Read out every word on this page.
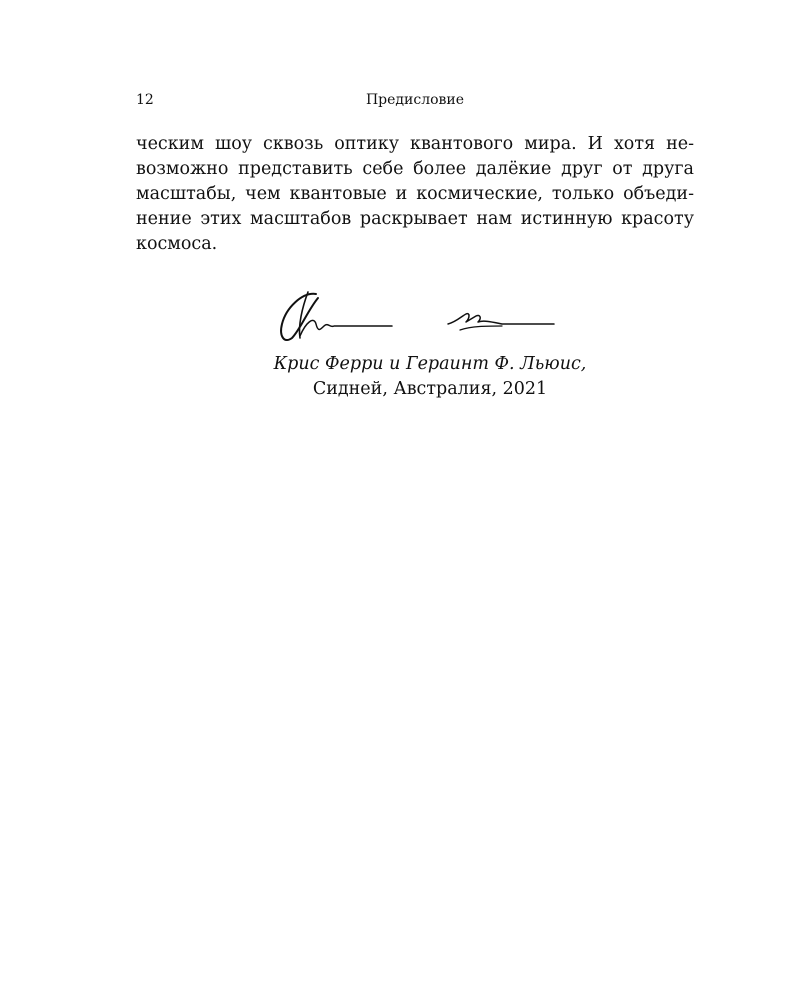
12	Предисловие
ческим шоу сквозь оптику квантового мира. И хотя не-
возможно представить себе более далёкие друг от друга
масштабы, чем квантовые и космические, только объеди-
нение этих масштабов раскрывает нам истинную красоту
космоса.
Крис Ферри и Гераинт Ф. Льюис,
Сидней, Австралия, 2021
